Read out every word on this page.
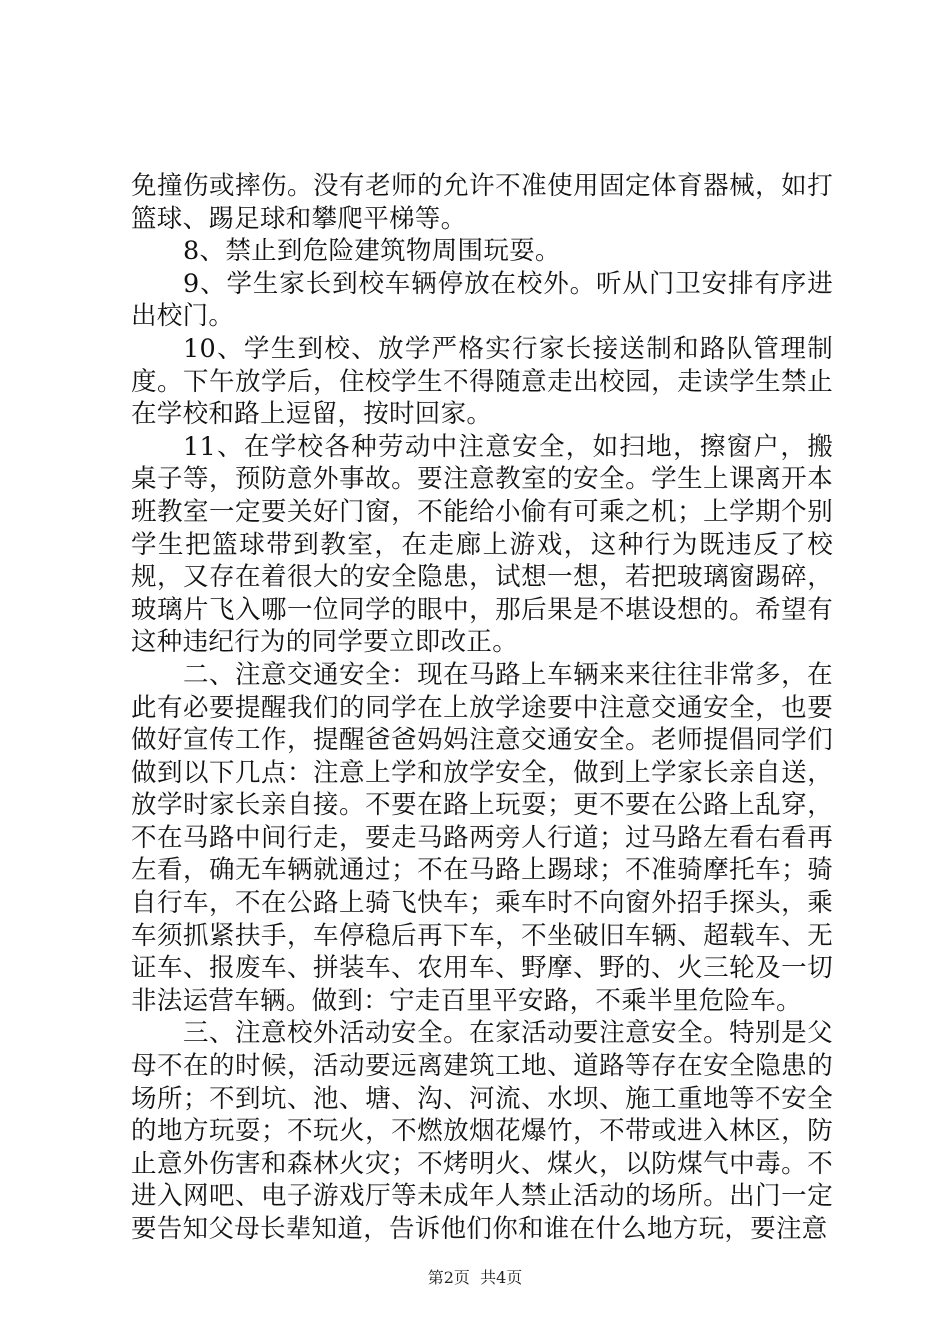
免撞伤或摔伤。没有老师的允许不准使用固定体育器械，如打篮球、踢足球和攀爬平梯等。

8、禁止到危险建筑物周围玩耍。

9、学生家长到校车辆停放在校外。听从门卫安排有序进出校门。

10、学生到校、放学严格实行家长接送制和路队管理制度。下午放学后，住校学生不得随意走出校园，走读学生禁止在学校和路上逗留，按时回家。

11、在学校各种劳动中注意安全，如扫地，擦窗户，搬桌子等，预防意外事故。要注意教室的安全。学生上课离开本班教室一定要关好门窗，不能给小偷有可乘之机；上学期个别学生把篮球带到教室，在走廊上游戏，这种行为既违反了校规，又存在着很大的安全隐患，试想一想，若把玻璃窗踢碎，玻璃片飞入哪一位同学的眼中，那后果是不堪设想的。希望有这种违纪行为的同学要立即改正。

二、注意交通安全：现在马路上车辆来来往往非常多，在此有必要提醒我们的同学在上放学途要中注意交通安全，也要做好宣传工作，提醒爸爸妈妈注意交通安全。老师提倡同学们做到以下几点：注意上学和放学安全，做到上学家长亲自送，放学时家长亲自接。不要在路上玩耍；更不要在公路上乱穿，不在马路中间行走，要走马路两旁人行道；过马路左看右看再左看，确无车辆就通过；不在马路上踢球；不准骑摩托车；骑自行车，不在公路上骑飞快车；乘车时不向窗外招手探头，乘车须抓紧扶手，车停稳后再下车，不坐破旧车辆、超载车、无证车、报废车、拼装车、农用车、野摩、野的、火三轮及一切非法运营车辆。做到：宁走百里平安路，不乘半里危险车。

三、注意校外活动安全。在家活动要注意安全。特别是父母不在的时候，活动要远离建筑工地、道路等存在安全隐患的场所；不到坑、池、塘、沟、河流、水坝、施工重地等不安全的地方玩耍；不玩火，不燃放烟花爆竹，不带或进入林区，防止意外伤害和森林火灾；不烤明火、煤火，以防煤气中毒。不进入网吧、电子游戏厅等未成年人禁止活动的场所。出门一定要告知父母长辈知道，告诉他们你和谁在什么地方玩，要注意

第2页  共4页
